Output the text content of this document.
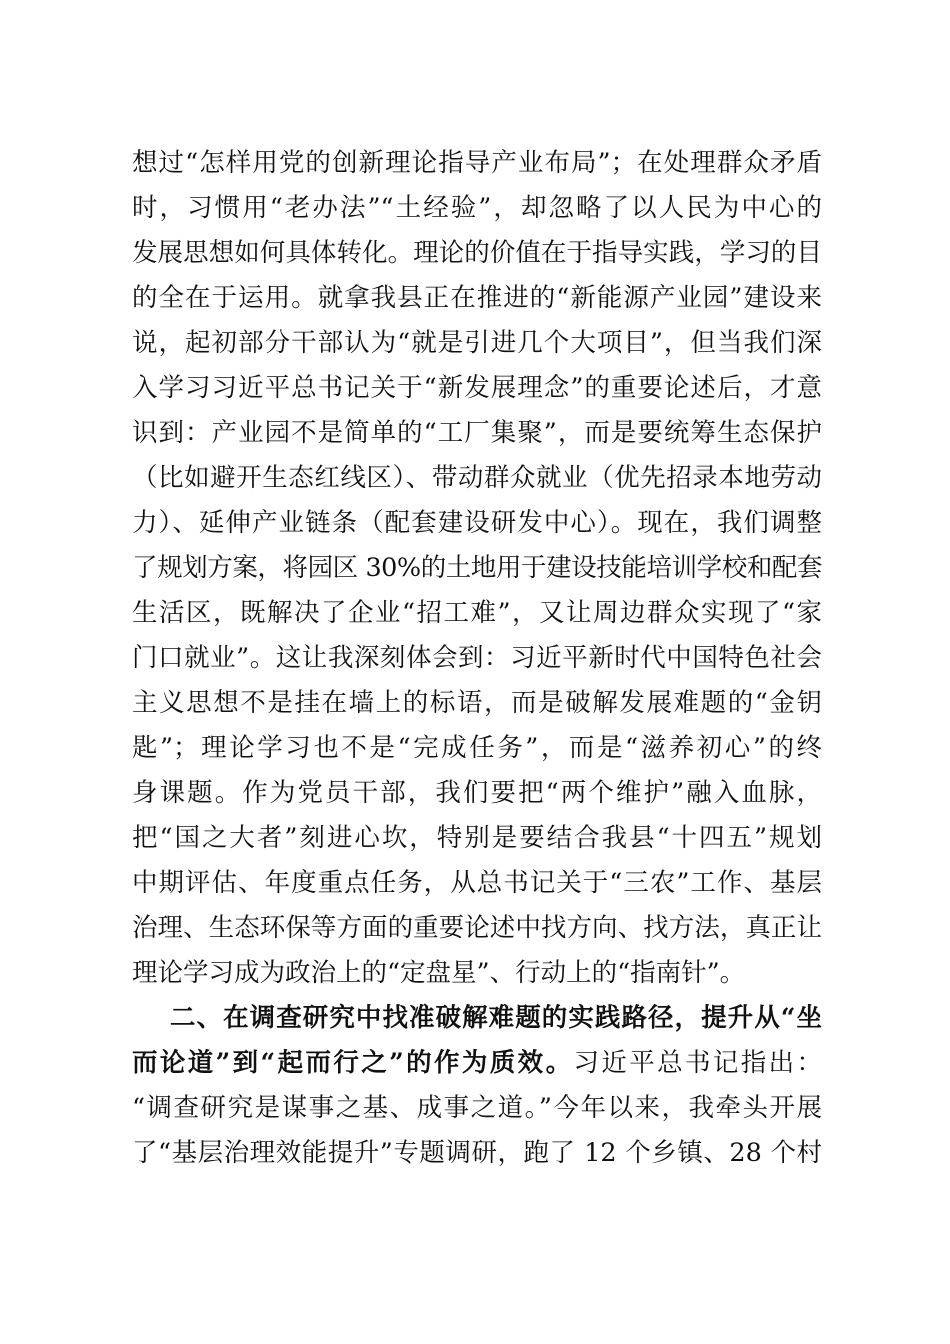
想过“怎样用党的创新理论指导产业布局”；在处理群众矛盾
时，习惯用“老办法”“土经验”，却忽略了以人民为中心的
发展思想如何具体转化。理论的价值在于指导实践，学习的目
的全在于运用。就拿我县正在推进的“新能源产业园”建设来
说，起初部分干部认为“就是引进几个大项目”，但当我们深
入学习习近平总书记关于“新发展理念”的重要论述后，才意
识到：产业园不是简单的“工厂集聚”，而是要统筹生态保护
（比如避开生态红线区）、带动群众就业（优先招录本地劳动
力）、延伸产业链条（配套建设研发中心）。现在，我们调整
了规划方案，将园区 30%的土地用于建设技能培训学校和配套
生活区，既解决了企业“招工难”，又让周边群众实现了“家
门口就业”。这让我深刻体会到：习近平新时代中国特色社会
主义思想不是挂在墙上的标语，而是破解发展难题的“金钥
匙”；理论学习也不是“完成任务”，而是“滋养初心”的终
身课题。作为党员干部，我们要把“两个维护”融入血脉，
把“国之大者”刻进心坎，特别是要结合我县“十四五”规划
中期评估、年度重点任务，从总书记关于“三农”工作、基层
治理、生态环保等方面的重要论述中找方向、找方法，真正让
理论学习成为政治上的“定盘星”、行动上的“指南针”。
二、在调查研究中找准破解难题的实践路径，提升从“坐
而论道”到“起而行之”的作为质效。习近平总书记指出：
“调查研究是谋事之基、成事之道。”今年以来，我牵头开展
了“基层治理效能提升”专题调研，跑了 12 个乡镇、28 个村
